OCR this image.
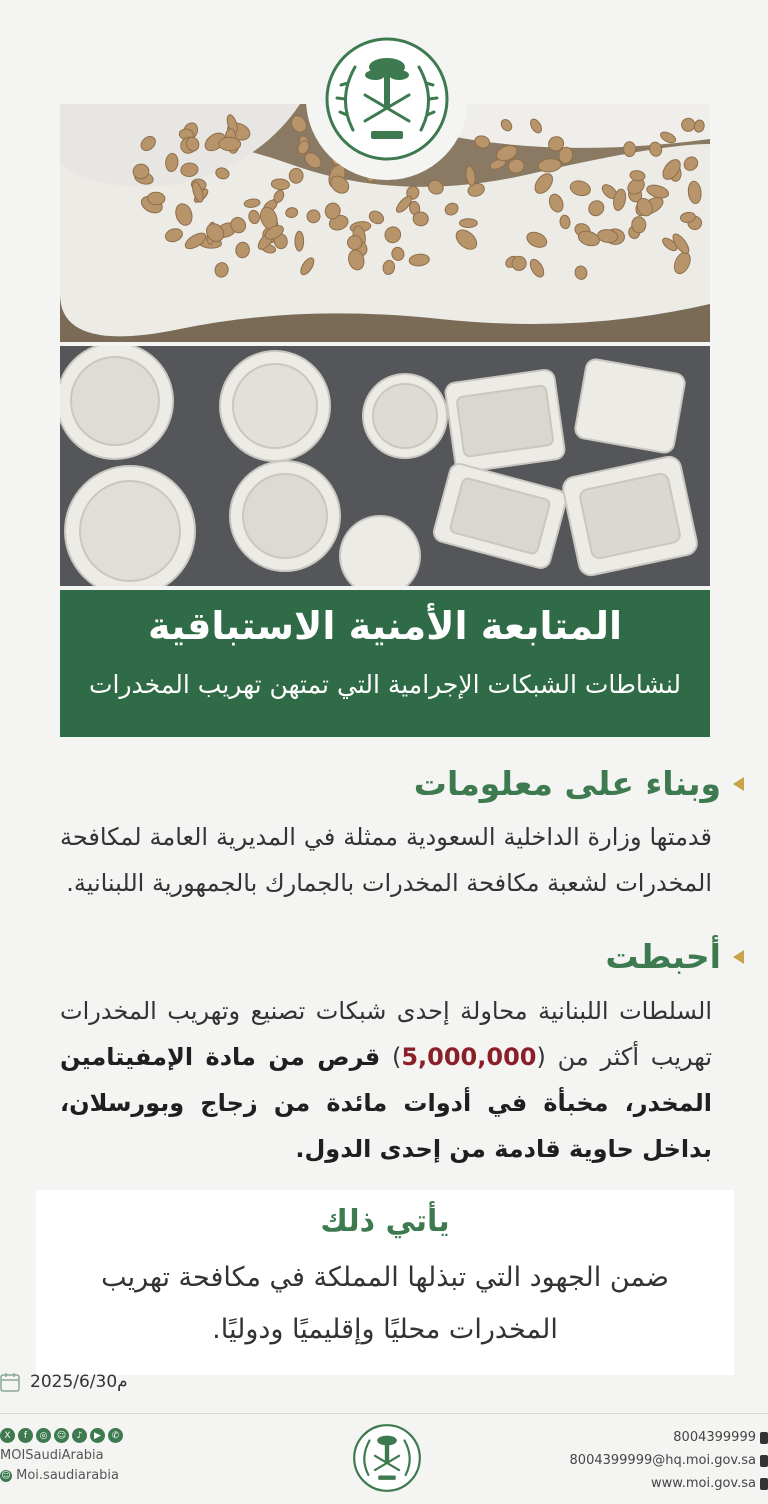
المتابعة الأمنية الاستباقية
لنشاطات الشبكات الإجرامية التي تمتهن تهريب المخدرات
وبناء على معلومات
قدمتها وزارة الداخلية السعودية ممثلة في المديرية العامة لمكافحة المخدرات لشعبة مكافحة المخدرات بالجمارك بالجمهورية اللبنانية.
أحبطت
السلطات اللبنانية محاولة إحدى شبكات تصنيع وتهريب المخدرات تهريب أكثر من (5,000,000) قرص من مادة الإمفيتامين المخدر، مخبأة في أدوات مائدة من زجاج وبورسلان، بداخل حاوية قادمة من إحدى الدول.
يأتي ذلك
ضمن الجهود التي تبذلها المملكة في مكافحة تهريب المخدرات محليًا وإقليميًا ودوليًا.
2025/6/30م
X	f	◎	☺	♪	▶	✆
MOISaudiArabia
☺ Moi.saudiarabia
8004399999
8004399999@hq.moi.gov.sa
www.moi.gov.sa
